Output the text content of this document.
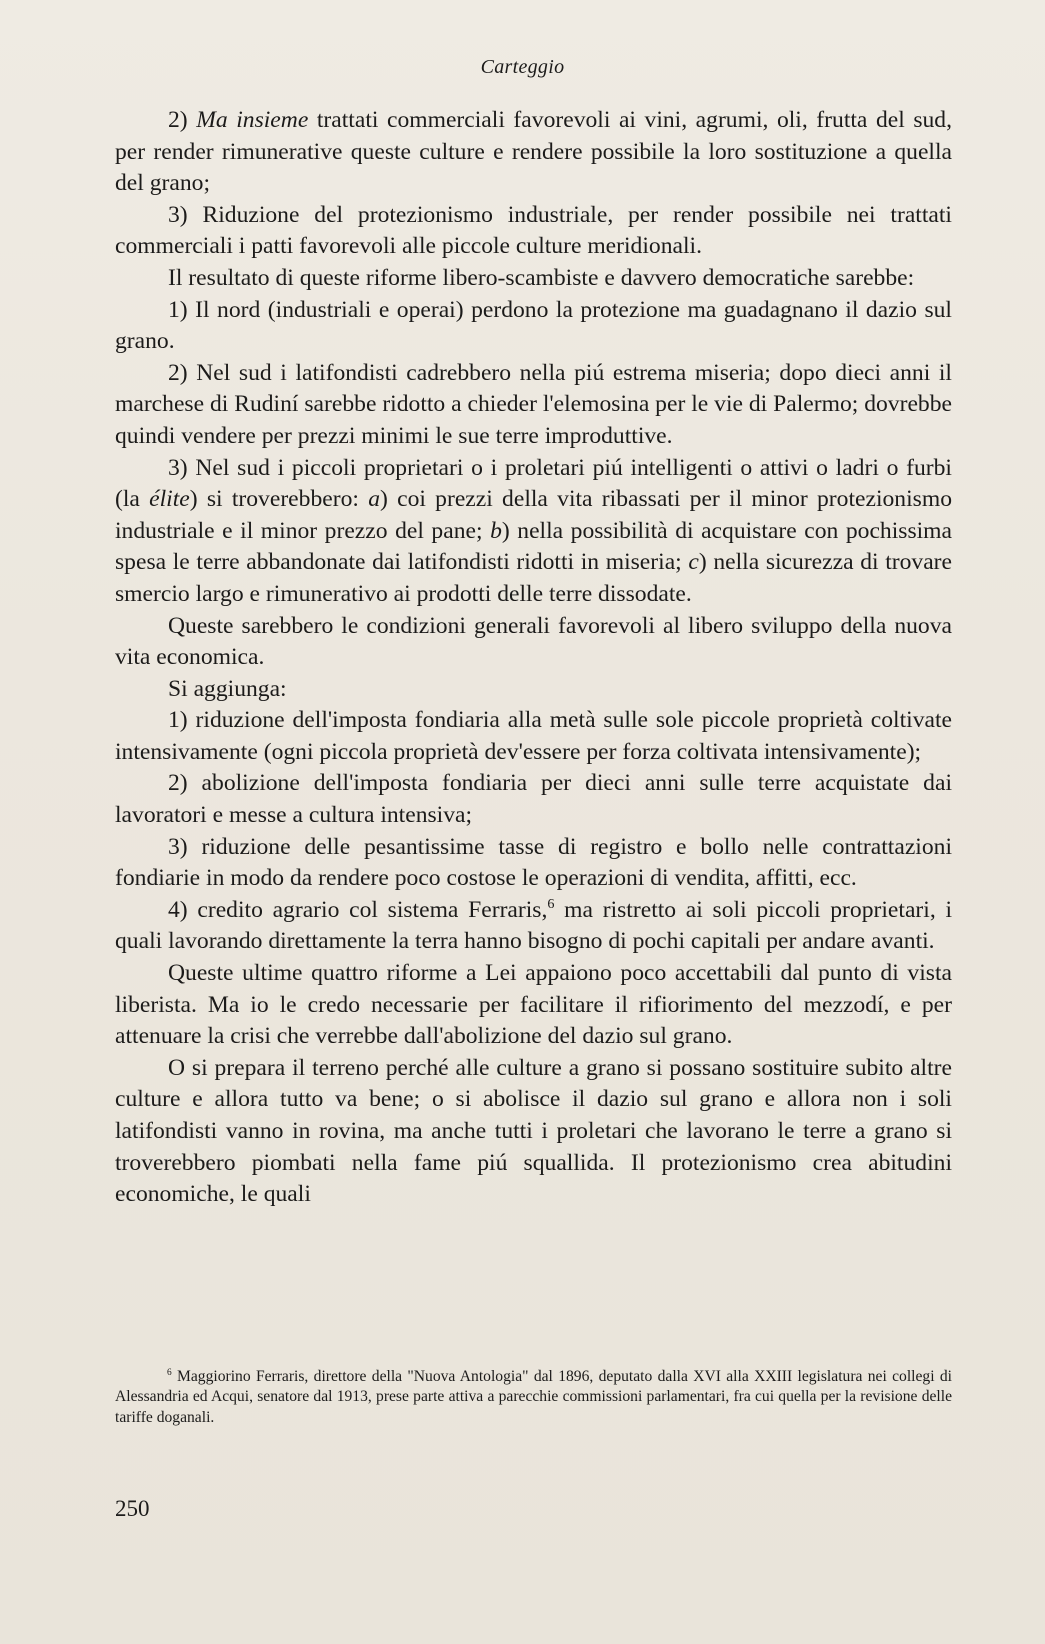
Carteggio

2) Ma insieme trattati commerciali favorevoli ai vini, agrumi, oli, frutta del sud, per render rimunerative queste culture e rendere possibile la loro sostituzione a quella del grano;

3) Riduzione del protezionismo industriale, per render possibile nei trattati commerciali i patti favorevoli alle piccole culture meridionali.

Il resultato di queste riforme libero-scambiste e davvero democratiche sarebbe:

1) Il nord (industriali e operai) perdono la protezione ma guadagnano il dazio sul grano.

2) Nel sud i latifondisti cadrebbero nella piú estrema miseria; dopo dieci anni il marchese di Rudiní sarebbe ridotto a chieder l'elemosina per le vie di Palermo; dovrebbe quindi vendere per prezzi minimi le sue terre improduttive.

3) Nel sud i piccoli proprietari o i proletari piú intelligenti o attivi o ladri o furbi (la élite) si troverebbero: a) coi prezzi della vita ribassati per il minor protezionismo industriale e il minor prezzo del pane; b) nella possibilità di acquistare con pochissima spesa le terre abbandonate dai latifondisti ridotti in miseria; c) nella sicurezza di trovare smercio largo e rimunerativo ai prodotti delle terre dissodate.

Queste sarebbero le condizioni generali favorevoli al libero sviluppo della nuova vita economica.

Si aggiunga:

1) riduzione dell'imposta fondiaria alla metà sulle sole piccole proprietà coltivate intensivamente (ogni piccola proprietà dev'essere per forza coltivata intensivamente);

2) abolizione dell'imposta fondiaria per dieci anni sulle terre acquistate dai lavoratori e messe a cultura intensiva;

3) riduzione delle pesantissime tasse di registro e bollo nelle contrattazioni fondiarie in modo da rendere poco costose le operazioni di vendita, affitti, ecc.

4) credito agrario col sistema Ferraris,$^6$ ma ristretto ai soli piccoli proprietari, i quali lavorando direttamente la terra hanno bisogno di pochi capitali per andare avanti.

Queste ultime quattro riforme a Lei appaiono poco accettabili dal punto di vista liberista. Ma io le credo necessarie per facilitare il rifiorimento del mezzodí, e per attenuare la crisi che verrebbe dall'abolizione del dazio sul grano.

O si prepara il terreno perché alle culture a grano si possano sostituire subito altre culture e allora tutto va bene; o si abolisce il dazio sul grano e allora non i soli latifondisti vanno in rovina, ma anche tutti i proletari che lavorano le terre a grano si troverebbero piombati nella fame piú squallida. Il protezionismo crea abitudini economiche, le quali

$^6$ Maggiorino Ferraris, direttore della "Nuova Antologia" dal 1896, deputato dalla XVI alla XXIII legislatura nei collegi di Alessandria ed Acqui, senatore dal 1913, prese parte attiva a parecchie commissioni parlamentari, fra cui quella per la revisione delle tariffe doganali.

250
